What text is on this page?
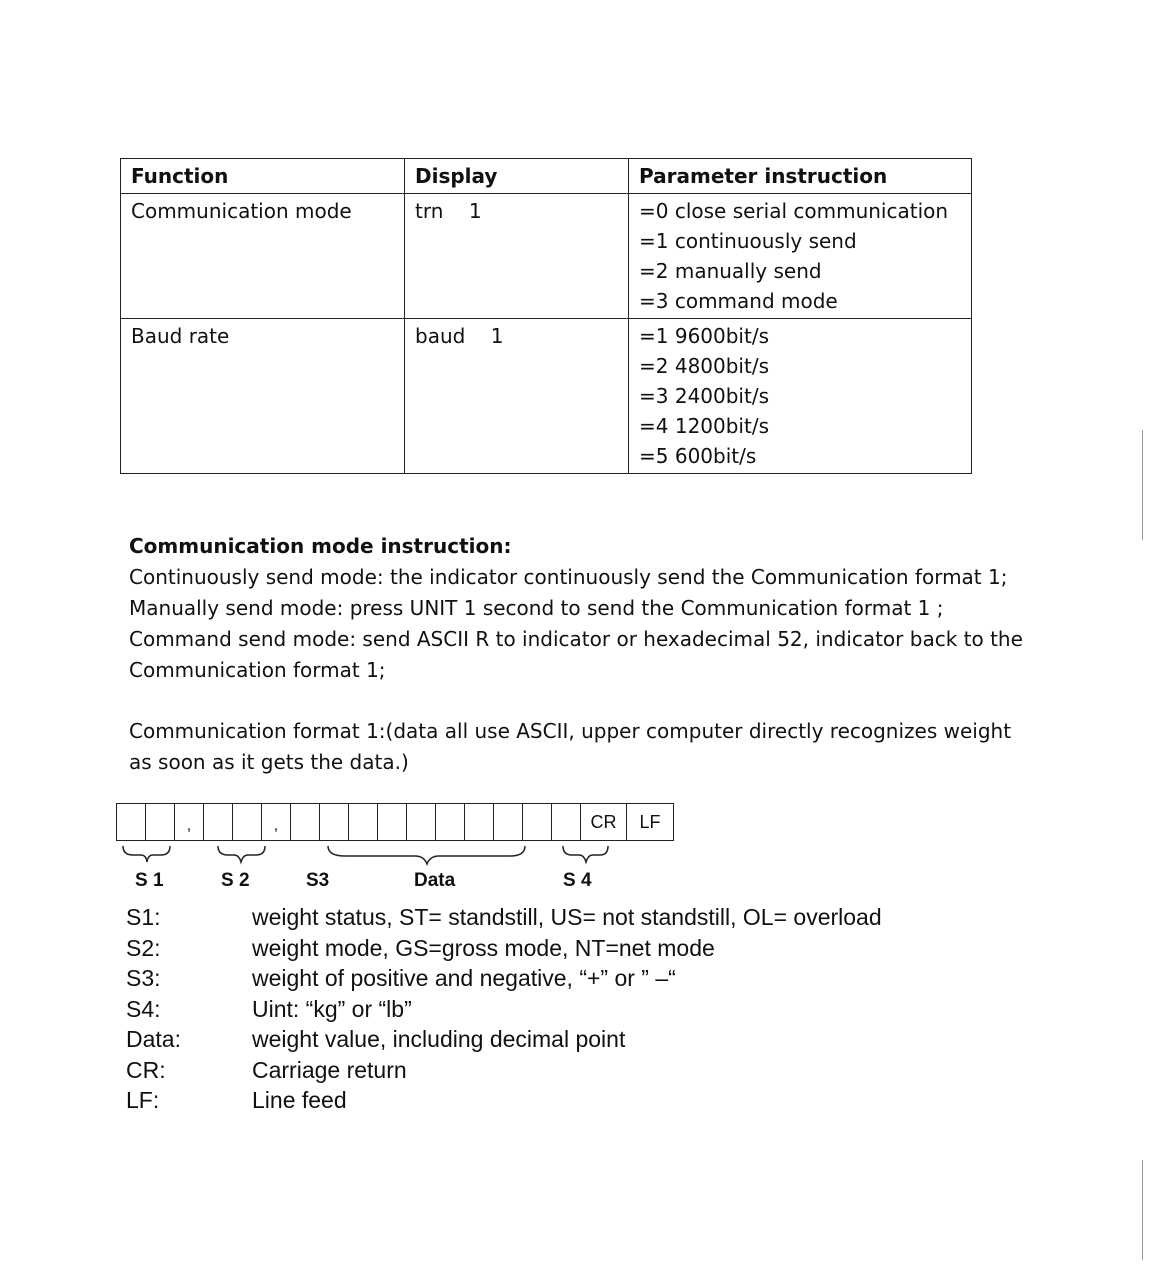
Function	Display	Parameter instruction
Communication mode	trn    1	=0 close serial communication
=1 continuously send
=2 manually send
=3 command mode

Baud rate	baud    1	=1 9600bit/s
=2 4800bit/s
=3 2400bit/s
=4 1200bit/s
=5 600bit/s
Communication mode instruction:
Continuously send mode: the indicator continuously send the Communication format 1;
Manually send mode: press UNIT 1 second to send the Communication format 1 ;
Command send mode: send ASCII R to indicator or hexadecimal 52, indicator back to the
Communication format 1;
Communication format 1:(data all use ASCII, upper computer directly recognizes weight
as soon as it gets the data.)
,	,	CR	LF
S 1	S 2	S3	Data	S 4
S1:	weight status, ST= standstill, US= not standstill, OL= overload
S2:	weight mode, GS=gross mode, NT=net mode
S3:	weight of positive and negative, “+” or ” –“
S4:	Uint: “kg” or “lb”
Data:	weight value, including decimal point
CR:	Carriage return
LF:	Line feed
